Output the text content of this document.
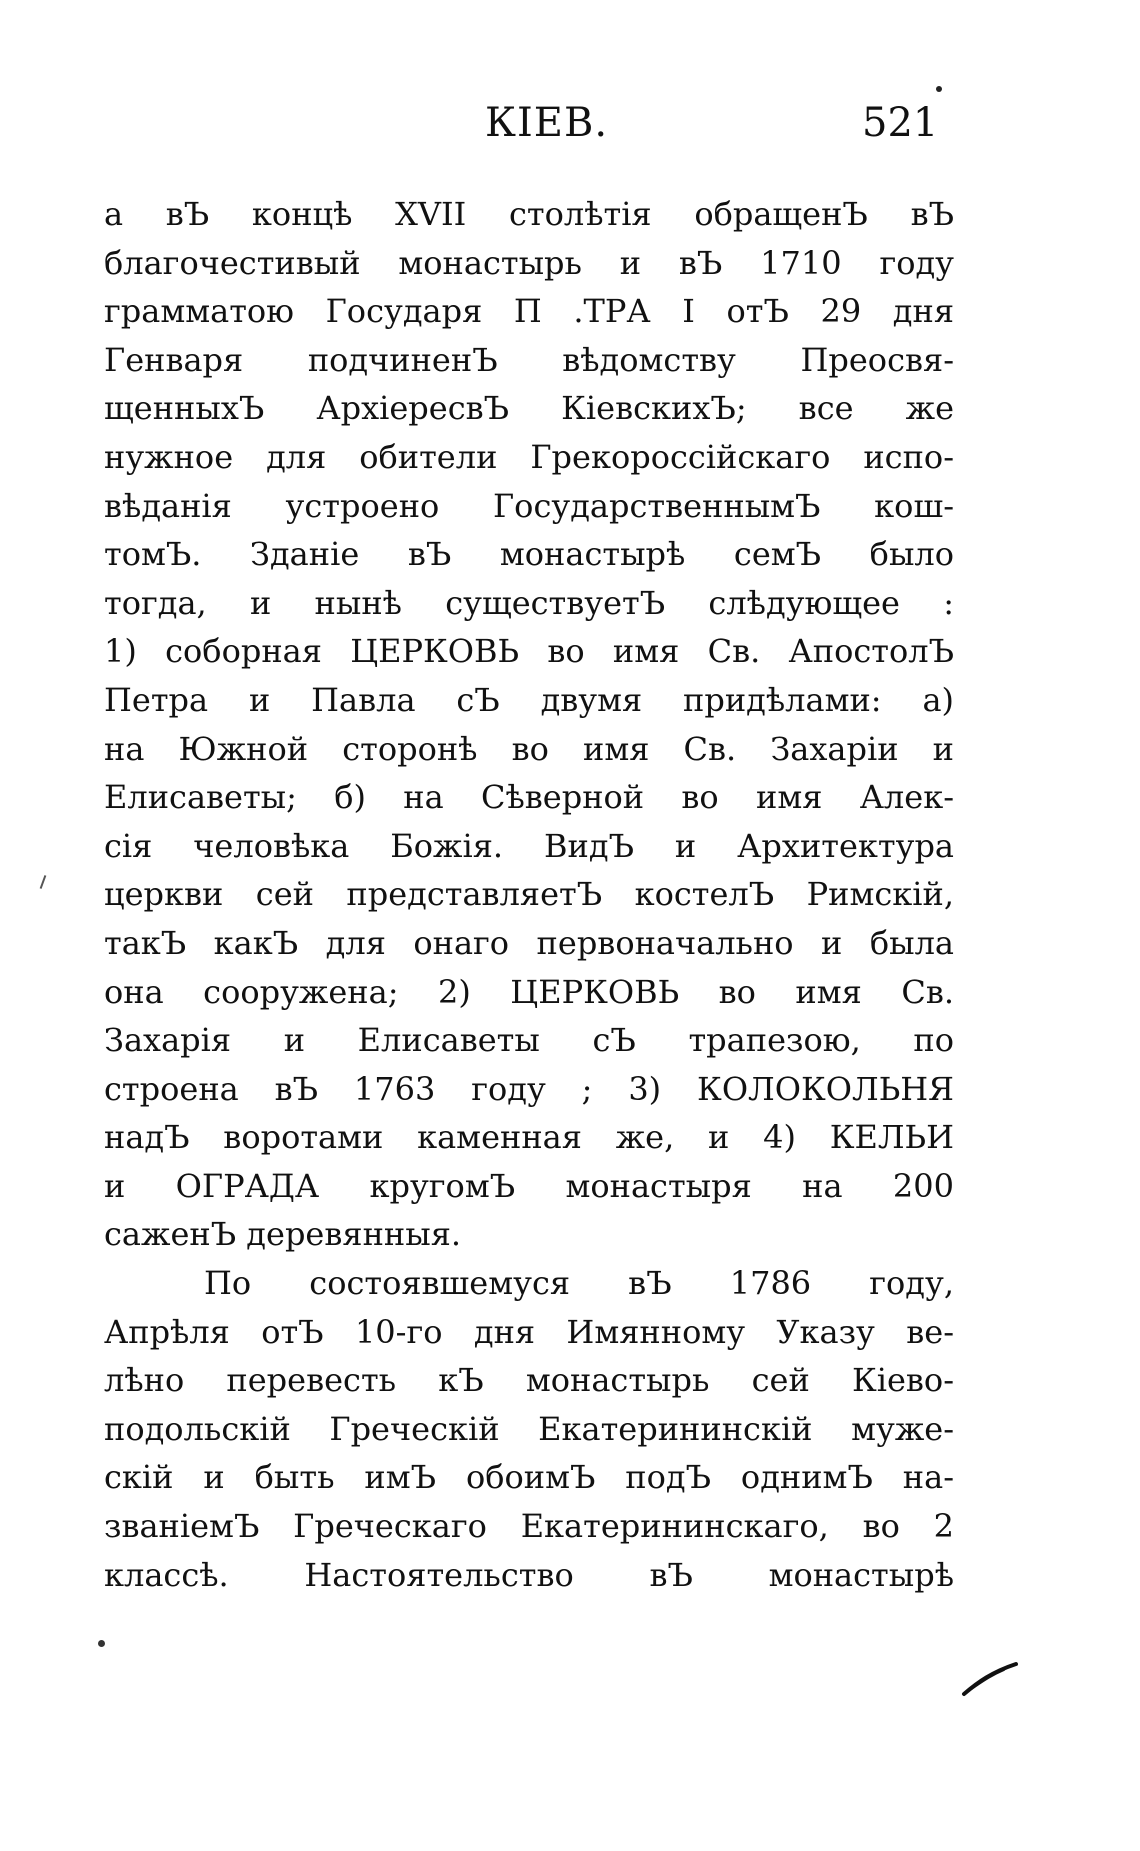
КІЕВ.	521
а вЪ концѣ XVII столѣтія обращенЪ вЪ
благочестивый монастырь и вЪ 1710 году
грамматою Государя П .ТРА I отЪ 29 дня
Генваря подчиненЪ вѣдомству Преосвя-
щенныхЪ АрхіересвЪ КіевскихЪ; все же
нужное для обители Грекороссійскаго испо-
вѣданія устроено ГосударственнымЪ кош-
томЪ. Зданіе вЪ монастырѣ семЪ было
тогда, и нынѣ существуетЪ слѣдующее :
1) соборная ЦЕРКОВЬ во имя Св. АпостолЪ
Петра и Павла сЪ двумя придѣлами: а)
на Южной сторонѣ во имя Св. Захаріи и
Елисаветы; б) на Сѣверной во имя Алек-
сія человѣка Божія. ВидЪ и Архитектура
церкви сей представляетЪ костелЪ Римскій,
такЪ какЪ для онаго первоначально и была
она сооружена; 2) ЦЕРКОВЬ во имя Св.
Захарія и Елисаветы сЪ трапезою, по
строена вЪ 1763 году ; 3) КОЛОКОЛЬНЯ
надЪ воротами каменная же, и 4) КЕЛЬИ
и ОГРАДА кругомЪ монастыря на 200
саженЪ деревянныя.
По состоявшемуся вЪ 1786 году,
Апрѣля отЪ 10-го дня Имянному Указу ве-
лѣно перевесть кЪ монастырь сей Кіево-
подольскій Греческій Екатерининскій муже-
скій и быть имЪ обоимЪ подЪ однимЪ на-
званіемЪ Греческаго Екатерининскаго, во 2
классѣ. Настоятельство вЪ монастырѣ
